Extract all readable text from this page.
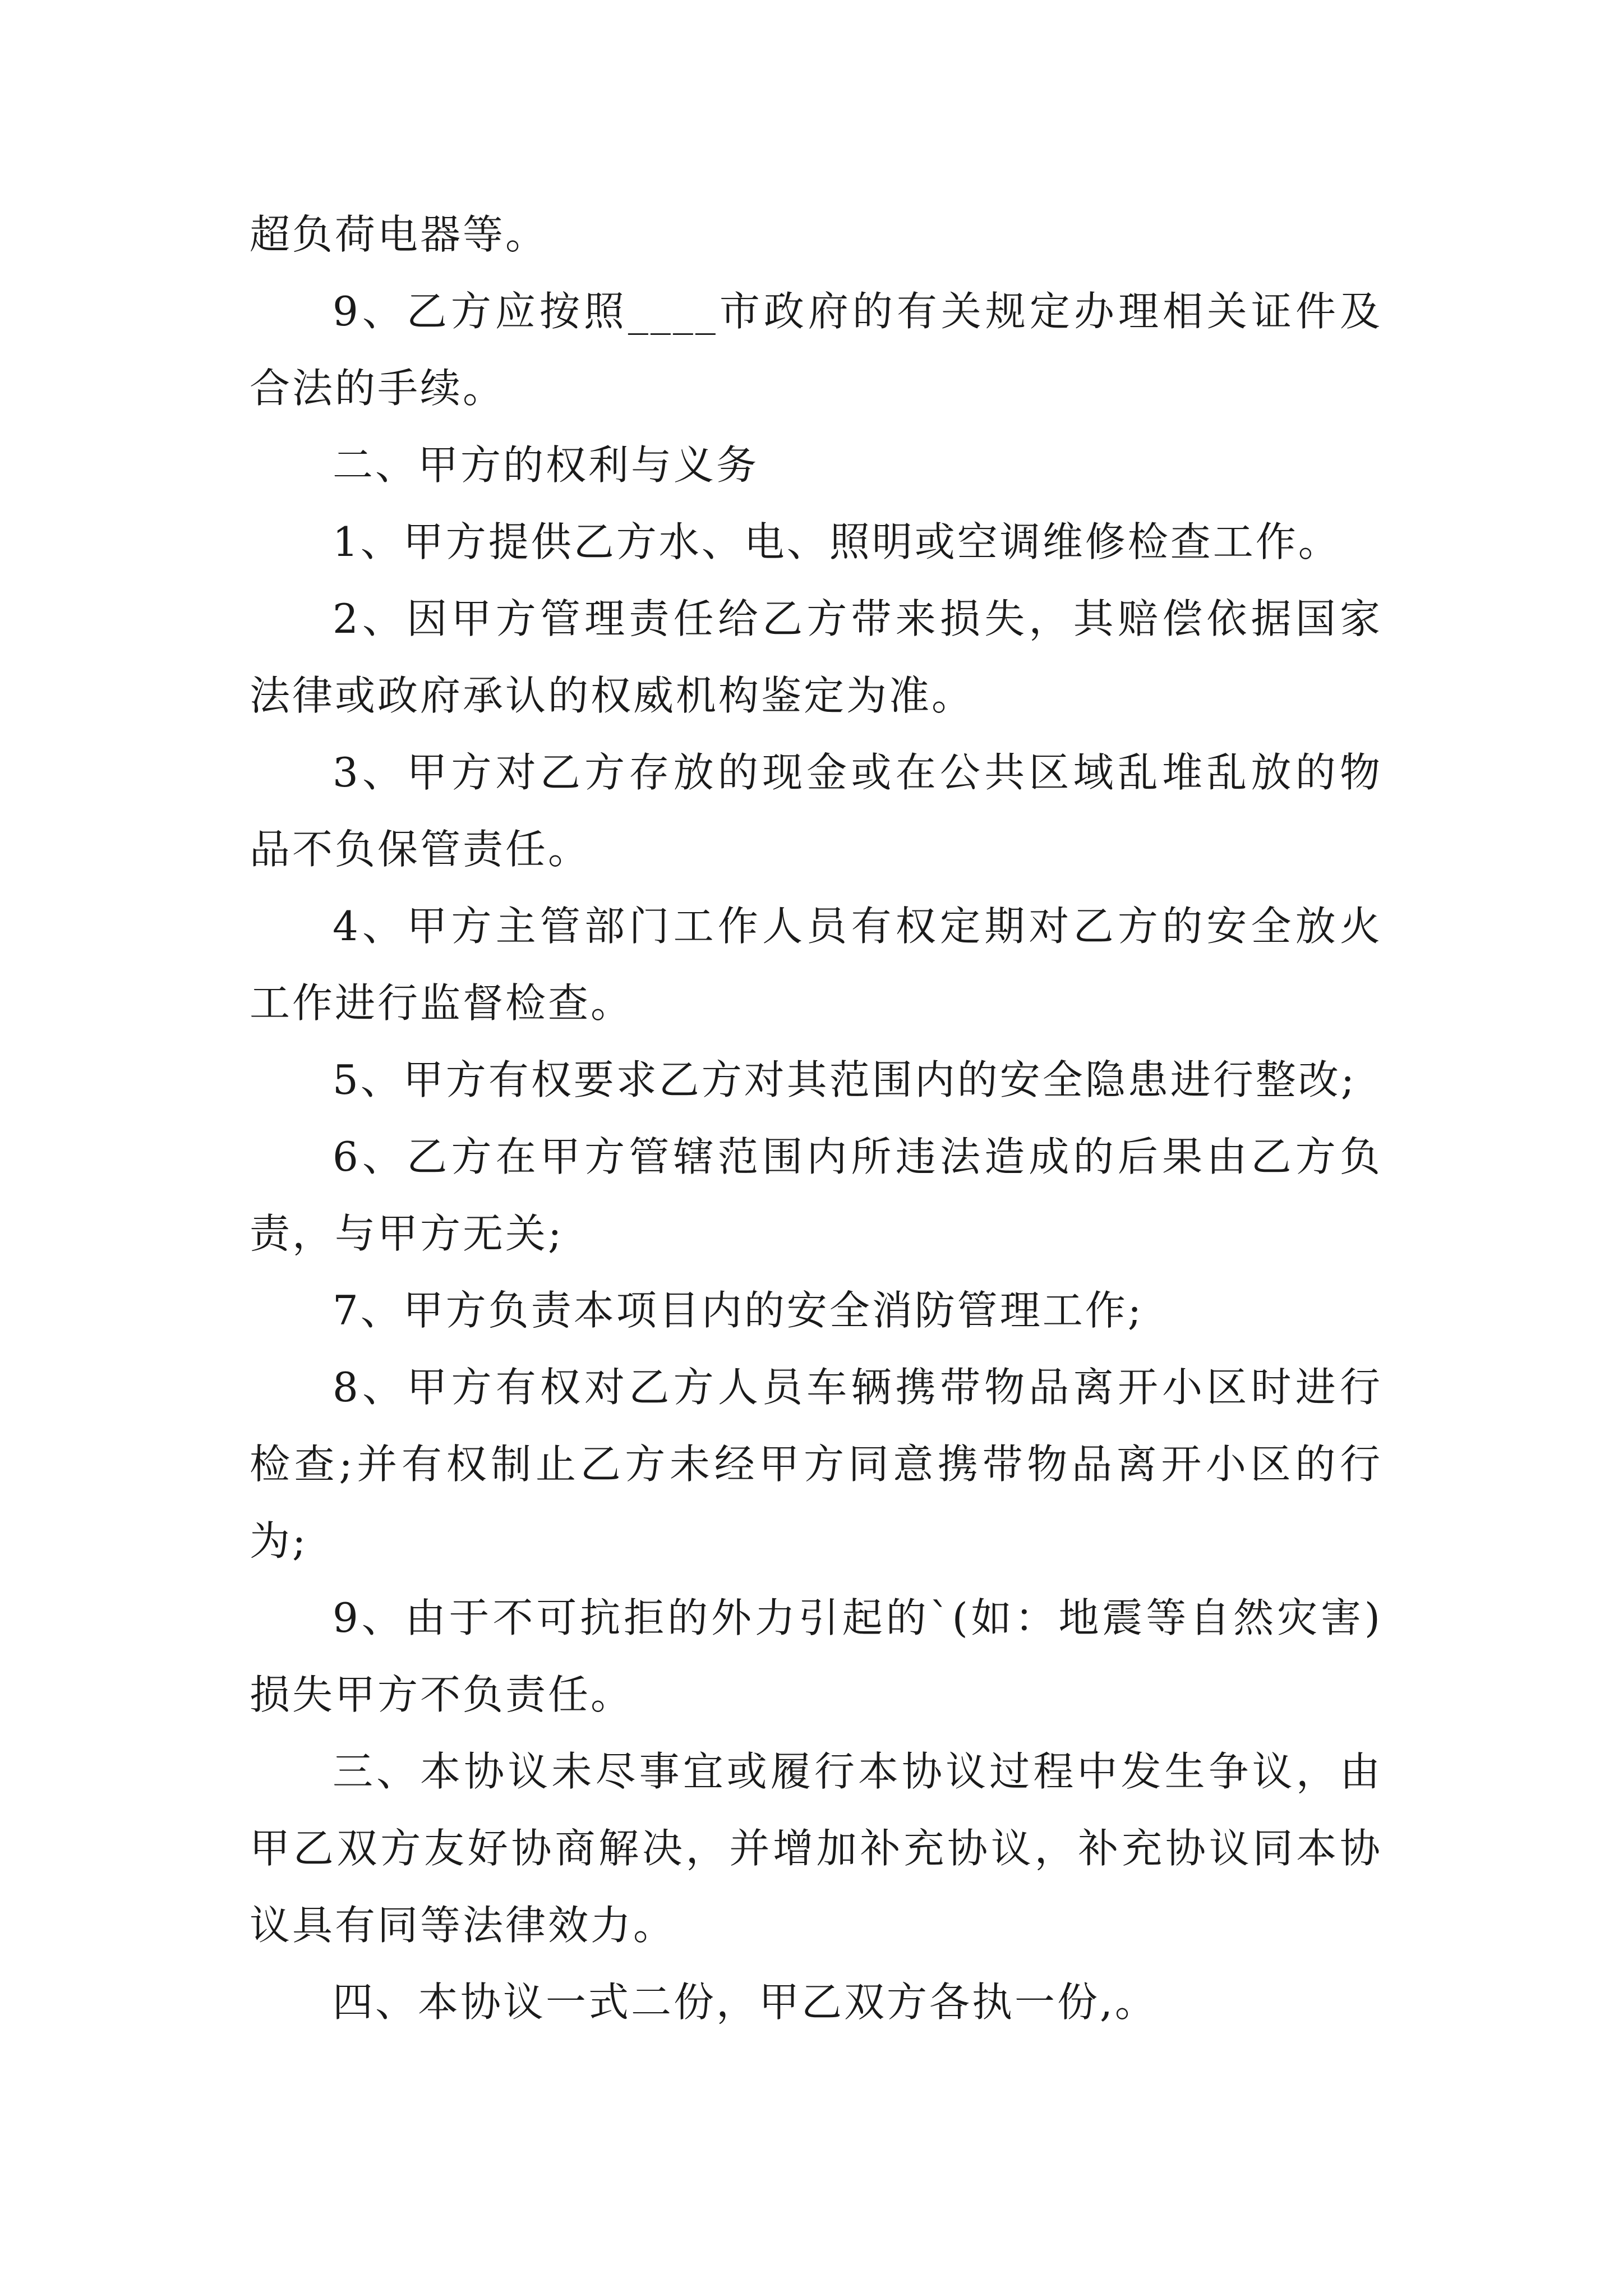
超负荷电器等。

9、乙方应按照____市政府的有关规定办理相关证件及合法的手续。

二、甲方的权利与义务

1、甲方提供乙方水、电、照明或空调维修检查工作。

2、因甲方管理责任给乙方带来损失，其赔偿依据国家法律或政府承认的权威机构鉴定为准。

3、甲方对乙方存放的现金或在公共区域乱堆乱放的物品不负保管责任。

4、甲方主管部门工作人员有权定期对乙方的安全放火工作进行监督检查。

5、甲方有权要求乙方对其范围内的安全隐患进行整改;

6、乙方在甲方管辖范围内所违法造成的后果由乙方负责，与甲方无关;

7、甲方负责本项目内的安全消防管理工作;

8、甲方有权对乙方人员车辆携带物品离开小区时进行检查;并有权制止乙方未经甲方同意携带物品离开小区的行为;

9、由于不可抗拒的外力引起的`(如：地震等自然灾害)损失甲方不负责任。

三、本协议未尽事宜或履行本协议过程中发生争议，由甲乙双方友好协商解决，并增加补充协议，补充协议同本协议具有同等法律效力。

四、本协议一式二份，甲乙双方各执一份,。
